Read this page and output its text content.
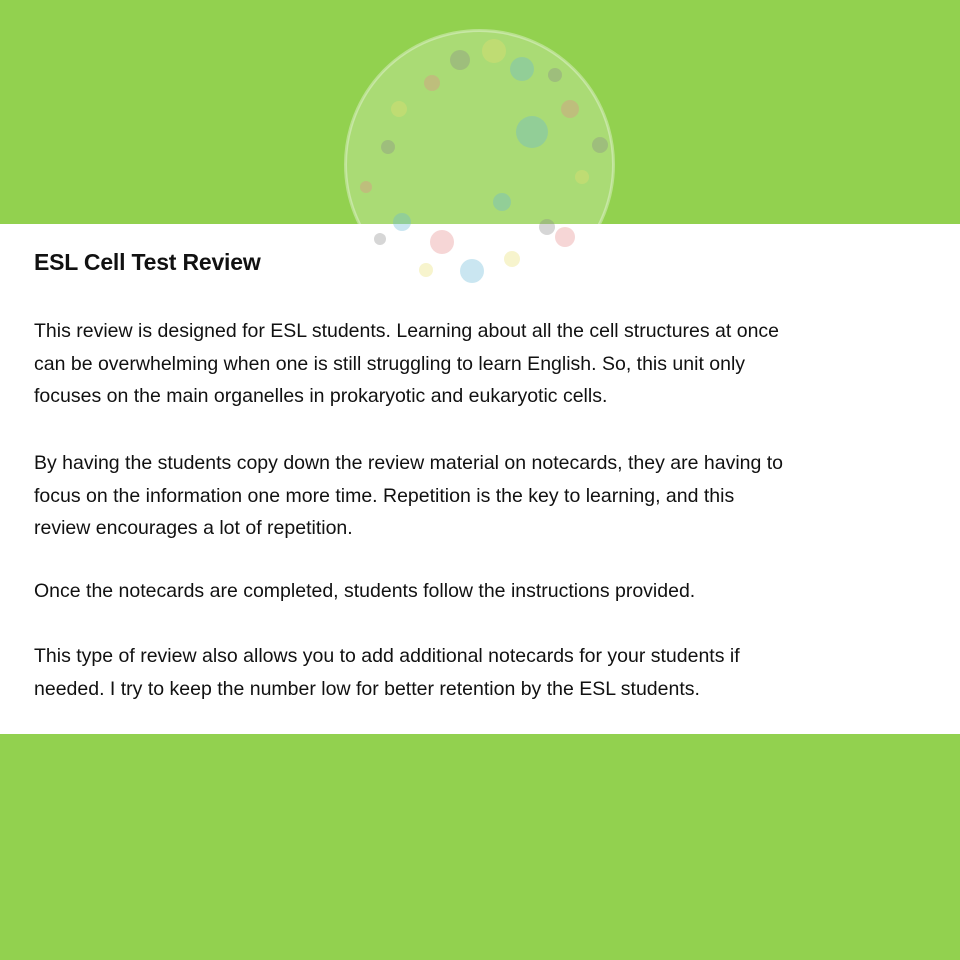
ESL Cell Test Review

This review is designed for ESL students. Learning about all the cell structures at once
can be overwhelming when one is still struggling to learn English. So, this unit only
focuses on the main organelles in prokaryotic and eukaryotic cells.

By having the students copy down the review material on notecards, they are having to
focus on the information one more time. Repetition is the key to learning, and this
review encourages a lot of repetition.

Once the notecards are completed, students follow the instructions provided.

This type of review also allows you to add additional notecards for your students if
needed. I try to keep the number low for better retention by the ESL students.
